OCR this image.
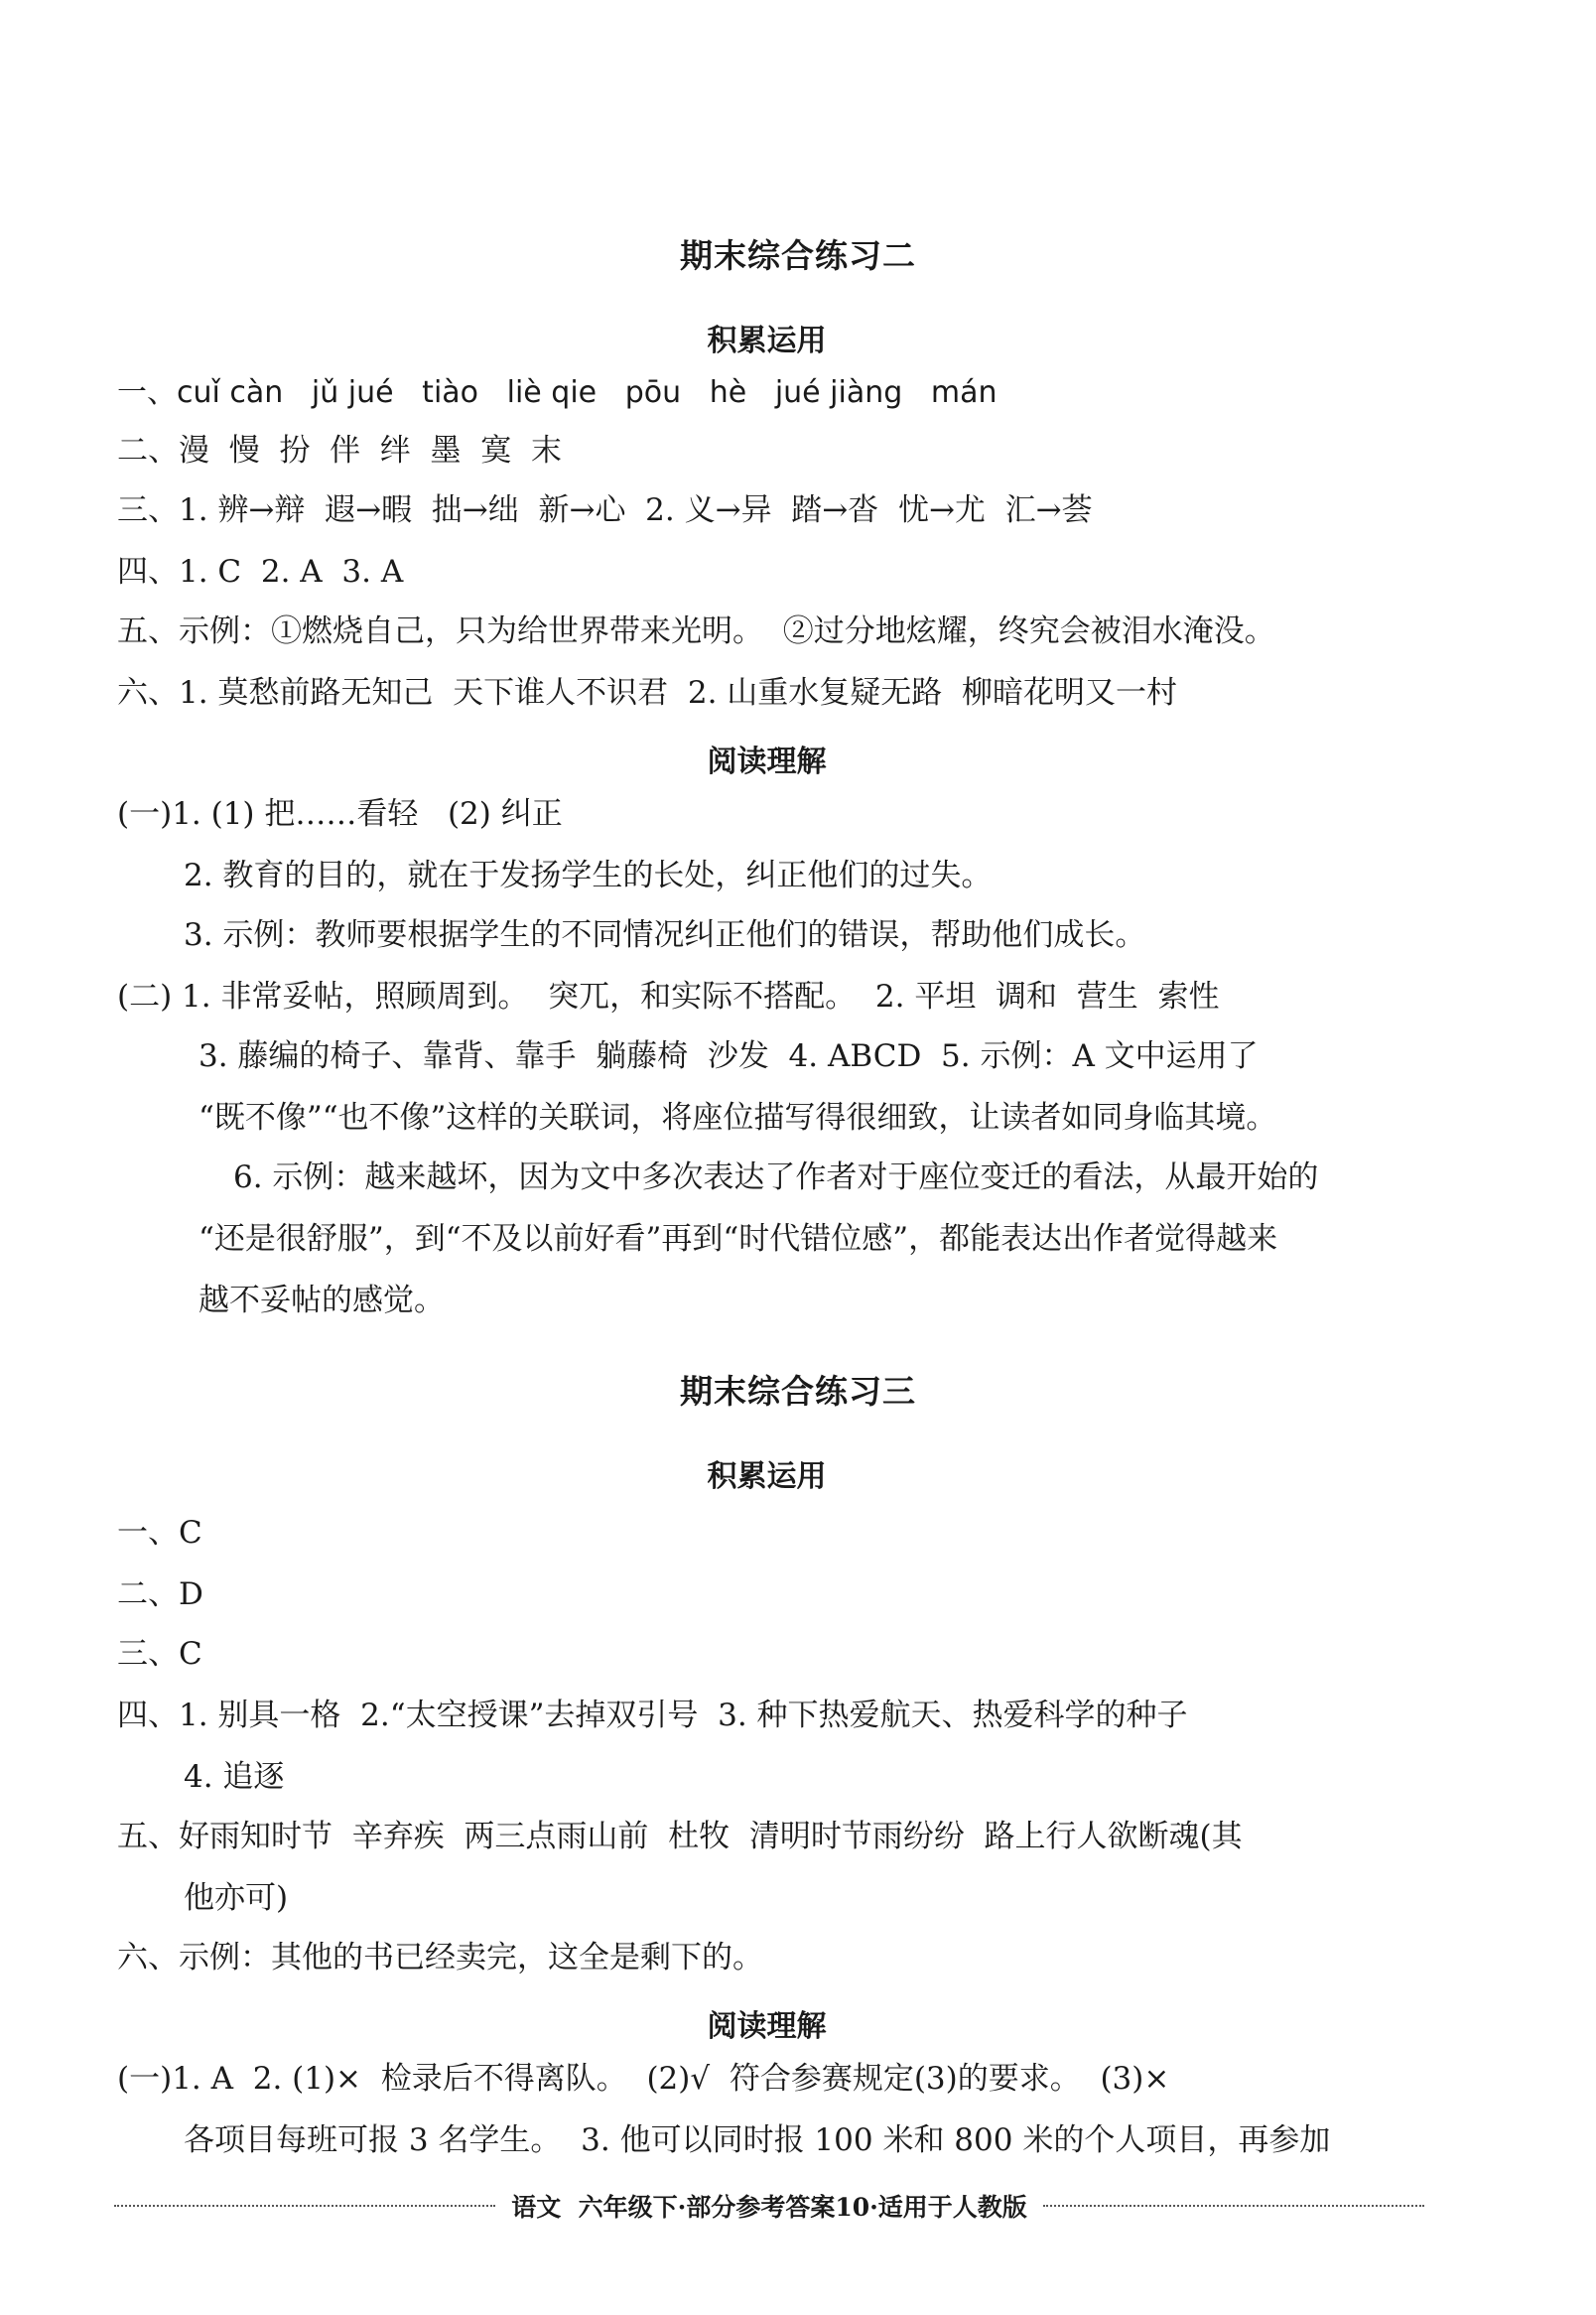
期末综合练习二
积累运用
一、cuǐ càn   jǔ jué   tiào   liè qie   pōu   hè   jué jiàng   mán
二、漫  慢  扮  伴  绊  墨  寞  末
三、1. 辨→辩  遐→暇  拙→绌  新→心  2. 义→异  踏→沓  忧→尤  汇→荟
四、1. C  2. A  3. A
五、示例：①燃烧自己，只为给世界带来光明。  ②过分地炫耀，终究会被泪水淹没。
六、1. 莫愁前路无知己  天下谁人不识君  2. 山重水复疑无路  柳暗花明又一村
阅读理解
(一)1. (1) 把……看轻   (2) 纠正
2. 教育的目的，就在于发扬学生的长处，纠正他们的过失。
3. 示例：教师要根据学生的不同情况纠正他们的错误，帮助他们成长。
(二) 1. 非常妥帖，照顾周到。  突兀，和实际不搭配。  2. 平坦  调和  营生  索性
3. 藤编的椅子、靠背、靠手  躺藤椅  沙发  4. ABCD  5. 示例：A 文中运用了
“既不像”“也不像”这样的关联词，将座位描写得很细致，让读者如同身临其境。
6. 示例：越来越坏，因为文中多次表达了作者对于座位变迁的看法，从最开始的
“还是很舒服”，到“不及以前好看”再到“时代错位感”，都能表达出作者觉得越来
越不妥帖的感觉。
期末综合练习三
积累运用
一、C
二、D
三、C
四、1. 别具一格  2.“太空授课”去掉双引号  3. 种下热爱航天、热爱科学的种子
4. 追逐
五、好雨知时节  辛弃疾  两三点雨山前  杜牧  清明时节雨纷纷  路上行人欲断魂(其
他亦可)
六、示例：其他的书已经卖完，这全是剩下的。
阅读理解
(一)1. A  2. (1)×  检录后不得离队。  (2)√  符合参赛规定(3)的要求。  (3)×
各项目每班可报 3 名学生。  3. 他可以同时报 100 米和 800 米的个人项目，再参加
语文  六年级下·部分参考答案10·适用于人教版
